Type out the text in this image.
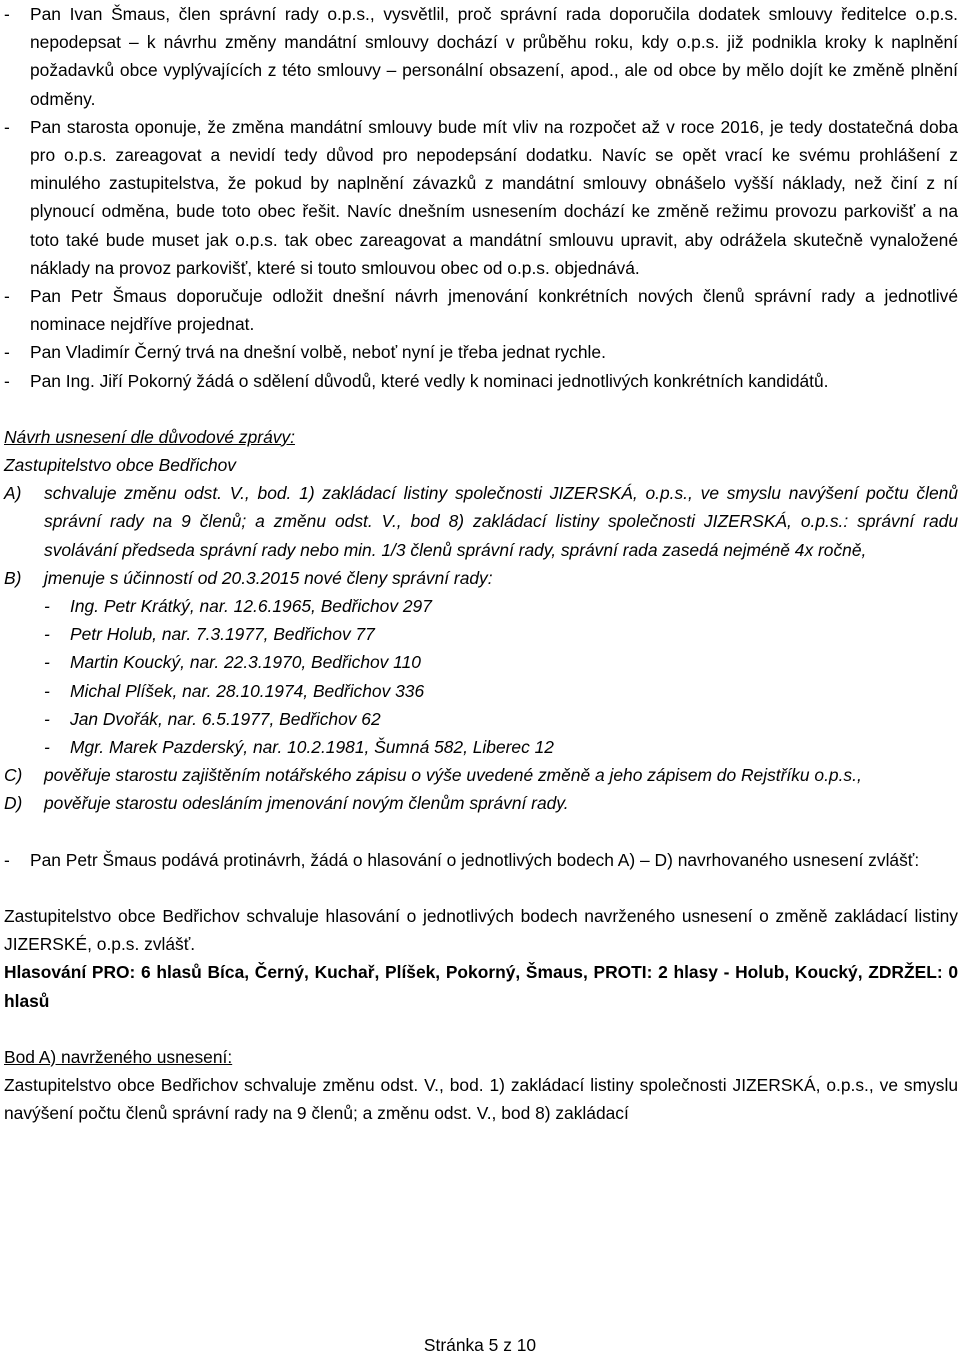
- Pan Ivan Šmaus, člen správní rady o.p.s., vysvětlil, proč správní rada doporučila dodatek smlouvy ředitelce o.p.s. nepodepsat – k návrhu změny mandátní smlouvy dochází v průběhu roku, kdy o.p.s. již podnikla kroky k naplnění požadavků obce vyplývajících z této smlouvy – personální obsazení, apod., ale od obce by mělo dojít ke změně plnění odměny.

- Pan starosta oponuje, že změna mandátní smlouvy bude mít vliv na rozpočet až v roce 2016, je tedy dostatečná doba pro o.p.s. zareagovat a nevidí tedy důvod pro nepodepsání dodatku. Navíc se opět vrací ke svému prohlášení z minulého zastupitelstva, že pokud by naplnění závazků z mandátní smlouvy obnášelo vyšší náklady, než činí z ní plynoucí odměna, bude toto obec řešit. Navíc dnešním usnesením dochází ke změně režimu provozu parkovišť a na toto také bude muset jak o.p.s. tak obec zareagovat a mandátní smlouvu upravit, aby odrážela skutečně vynaložené náklady na provoz parkovišť, které si touto smlouvou obec od o.p.s. objednává.

- Pan Petr Šmaus doporučuje odložit dnešní návrh jmenování konkrétních nových členů správní rady a jednotlivé nominace nejdříve projednat.

- Pan Vladimír Černý trvá na dnešní volbě, neboť nyní je třeba jednat rychle.

- Pan Ing. Jiří Pokorný žádá o sdělení důvodů, které vedly k nominaci jednotlivých konkrétních kandidátů.

Návrh usnesení dle důvodové zprávy:

Zastupitelstvo obce Bedřichov

A) schvaluje změnu odst. V., bod. 1) zakládací listiny společnosti JIZERSKÁ, o.p.s., ve smyslu navýšení počtu členů správní rady na 9 členů; a změnu odst. V., bod 8) zakládací listiny společnosti JIZERSKÁ, o.p.s.: správní radu svolávání předseda správní rady nebo min. 1/3 členů správní rady, správní rada zasedá nejméně 4x ročně,

B) jmenuje s účinností od 20.3.2015 nové členy správní rady:

- Ing. Petr Krátký, nar. 12.6.1965, Bedřichov 297

- Petr Holub, nar. 7.3.1977, Bedřichov 77

- Martin Koucký, nar. 22.3.1970, Bedřichov 110

- Michal Plíšek, nar. 28.10.1974, Bedřichov 336

- Jan Dvořák, nar. 6.5.1977, Bedřichov 62

- Mgr. Marek Pazderský, nar. 10.2.1981, Šumná 582, Liberec 12

C) pověřuje starostu zajištěním notářského zápisu o výše uvedené změně a jeho zápisem do Rejstříku o.p.s.,

D) pověřuje starostu odesláním jmenování novým členům správní rady.

- Pan Petr Šmaus podává protinávrh, žádá o hlasování o jednotlivých bodech A) – D) navrhovaného usnesení zvlášť:

Zastupitelstvo obce Bedřichov schvaluje hlasování o jednotlivých bodech navrženého usnesení o změně zakládací listiny JIZERSKÉ, o.p.s. zvlášť.

Hlasování PRO: 6 hlasů Bíca, Černý, Kuchař, Plíšek, Pokorný, Šmaus, PROTI: 2 hlasy - Holub, Koucký, ZDRŽEL: 0 hlasů

Bod A) navrženého usnesení:

Zastupitelstvo obce Bedřichov schvaluje změnu odst. V., bod. 1) zakládací listiny společnosti JIZERSKÁ, o.p.s., ve smyslu navýšení počtu členů správní rady na 9 členů; a změnu odst. V., bod 8) zakládací

Stránka 5 z 10
